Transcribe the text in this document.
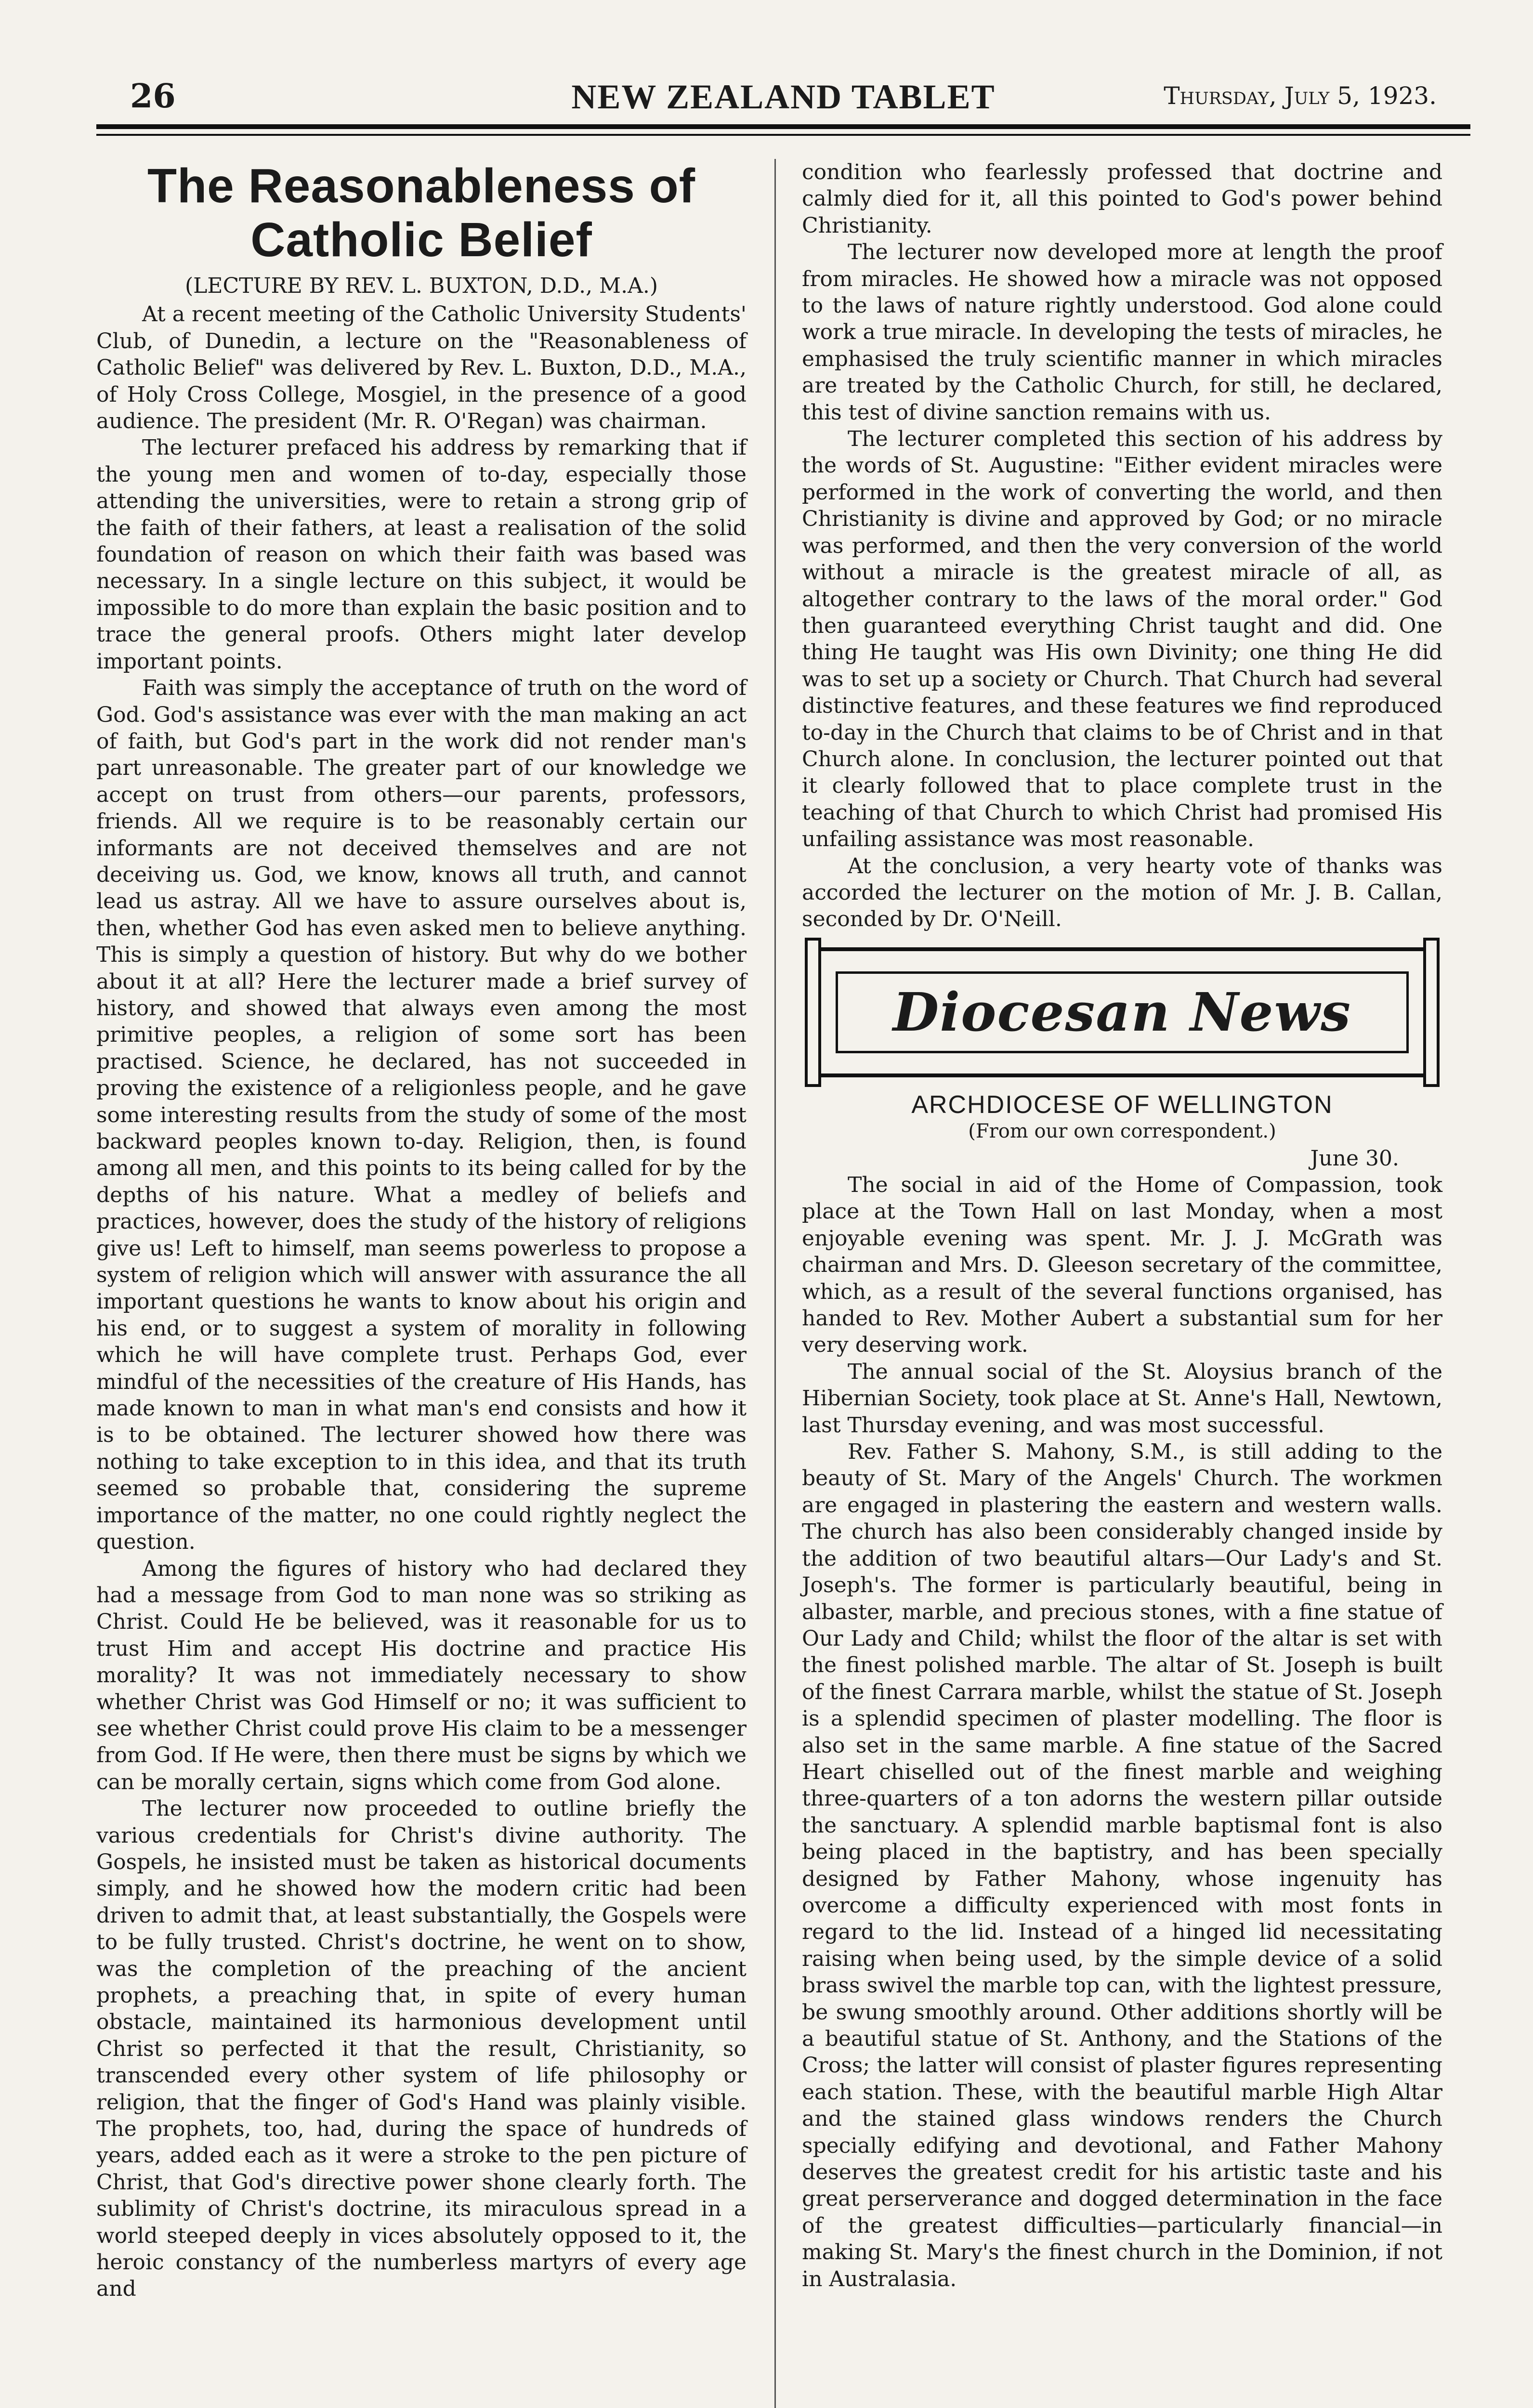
26	NEW ZEALAND TABLET	Thursday, July 5, 1923.
The Reasonableness of Catholic Belief
(LECTURE BY REV. L. BUXTON, D.D., M.A.)

At a recent meeting of the Catholic University Students' Club, of Dunedin, a lecture on the "Reasonableness of Catholic Belief" was delivered by Rev. L. Buxton, D.D., M.A., of Holy Cross College, Mosgiel, in the presence of a good audience. The president (Mr. R. O'Regan) was chairman.

The lecturer prefaced his address by remarking that if the young men and women of to-day, especially those attending the universities, were to retain a strong grip of the faith of their fathers, at least a realisation of the solid foundation of reason on which their faith was based was necessary. In a single lecture on this subject, it would be impossible to do more than explain the basic position and to trace the general proofs. Others might later develop important points.

Faith was simply the acceptance of truth on the word of God. God's assistance was ever with the man making an act of faith, but God's part in the work did not render man's part unreasonable. The greater part of our knowledge we accept on trust from others—our parents, professors, friends. All we require is to be reasonably certain our informants are not deceived themselves and are not deceiving us. God, we know, knows all truth, and cannot lead us astray. All we have to assure ourselves about is, then, whether God has even asked men to believe anything. This is simply a question of history. But why do we bother about it at all? Here the lecturer made a brief survey of history, and showed that always even among the most primitive peoples, a religion of some sort has been practised. Science, he declared, has not succeeded in proving the existence of a religionless people, and he gave some interesting results from the study of some of the most backward peoples known to-day. Religion, then, is found among all men, and this points to its being called for by the depths of his nature. What a medley of beliefs and practices, however, does the study of the history of religions give us! Left to himself, man seems powerless to propose a system of religion which will answer with assurance the all important questions he wants to know about his origin and his end, or to suggest a system of morality in following which he will have complete trust. Perhaps God, ever mindful of the necessities of the creature of His Hands, has made known to man in what man's end consists and how it is to be obtained. The lecturer showed how there was nothing to take exception to in this idea, and that its truth seemed so probable that, considering the supreme importance of the matter, no one could rightly neglect the question.

Among the figures of history who had declared they had a message from God to man none was so striking as Christ. Could He be believed, was it reasonable for us to trust Him and accept His doctrine and practice His morality? It was not immediately necessary to show whether Christ was God Himself or no; it was sufficient to see whether Christ could prove His claim to be a messenger from God. If He were, then there must be signs by which we can be morally certain, signs which come from God alone.

The lecturer now proceeded to outline briefly the various credentials for Christ's divine authority. The Gospels, he insisted must be taken as historical documents simply, and he showed how the modern critic had been driven to admit that, at least substantially, the Gospels were to be fully trusted. Christ's doctrine, he went on to show, was the completion of the preaching of the ancient prophets, a preaching that, in spite of every human obstacle, maintained its harmonious development until Christ so perfected it that the result, Christianity, so transcended every other system of life philosophy or religion, that the finger of God's Hand was plainly visible. The prophets, too, had, during the space of hundreds of years, added each as it were a stroke to the pen picture of Christ, that God's directive power shone clearly forth. The sublimity of Christ's doctrine, its miraculous spread in a world steeped deeply in vices absolutely opposed to it, the heroic constancy of the numberless martyrs of every age and

condition who fearlessly professed that doctrine and calmly died for it, all this pointed to God's power behind Christianity.

The lecturer now developed more at length the proof from miracles. He showed how a miracle was not opposed to the laws of nature rightly understood. God alone could work a true miracle. In developing the tests of miracles, he emphasised the truly scientific manner in which miracles are treated by the Catholic Church, for still, he declared, this test of divine sanction remains with us.

The lecturer completed this section of his address by the words of St. Augustine: "Either evident miracles were performed in the work of converting the world, and then Christianity is divine and approved by God; or no miracle was performed, and then the very conversion of the world without a miracle is the greatest miracle of all, as altogether contrary to the laws of the moral order." God then guaranteed everything Christ taught and did. One thing He taught was His own Divinity; one thing He did was to set up a society or Church. That Church had several distinctive features, and these features we find reproduced to-day in the Church that claims to be of Christ and in that Church alone. In conclusion, the lecturer pointed out that it clearly followed that to place complete trust in the teaching of that Church to which Christ had promised His unfailing assistance was most reasonable.

At the conclusion, a very hearty vote of thanks was accorded the lecturer on the motion of Mr. J. B. Callan, seconded by Dr. O'Neill.

Diocesan News
ARCHDIOCESE OF WELLINGTON
(From our own correspondent.)
June 30.

The social in aid of the Home of Compassion, took place at the Town Hall on last Monday, when a most enjoyable evening was spent. Mr. J. J. McGrath was chairman and Mrs. D. Gleeson secretary of the committee, which, as a result of the several functions organised, has handed to Rev. Mother Aubert a substantial sum for her very deserving work.

The annual social of the St. Aloysius branch of the Hibernian Society, took place at St. Anne's Hall, Newtown, last Thursday evening, and was most successful.

Rev. Father S. Mahony, S.M., is still adding to the beauty of St. Mary of the Angels' Church. The workmen are engaged in plastering the eastern and western walls. The church has also been considerably changed inside by the addition of two beautiful altars—Our Lady's and St. Joseph's. The former is particularly beautiful, being in albaster, marble, and precious stones, with a fine statue of Our Lady and Child; whilst the floor of the altar is set with the finest polished marble. The altar of St. Joseph is built of the finest Carrara marble, whilst the statue of St. Joseph is a splendid specimen of plaster modelling. The floor is also set in the same marble. A fine statue of the Sacred Heart chiselled out of the finest marble and weighing three-quarters of a ton adorns the western pillar outside the sanctuary. A splendid marble baptismal font is also being placed in the baptistry, and has been specially designed by Father Mahony, whose ingenuity has overcome a difficulty experienced with most fonts in regard to the lid. Instead of a hinged lid necessitating raising when being used, by the simple device of a solid brass swivel the marble top can, with the lightest pressure, be swung smoothly around. Other additions shortly will be a beautiful statue of St. Anthony, and the Stations of the Cross; the latter will consist of plaster figures representing each station. These, with the beautiful marble High Altar and the stained glass windows renders the Church specially edifying and devotional, and Father Mahony deserves the greatest credit for his artistic taste and his great perserverance and dogged determination in the face of the greatest difficulties—particularly financial—in making St. Mary's the finest church in the Dominion, if not in Australasia.
